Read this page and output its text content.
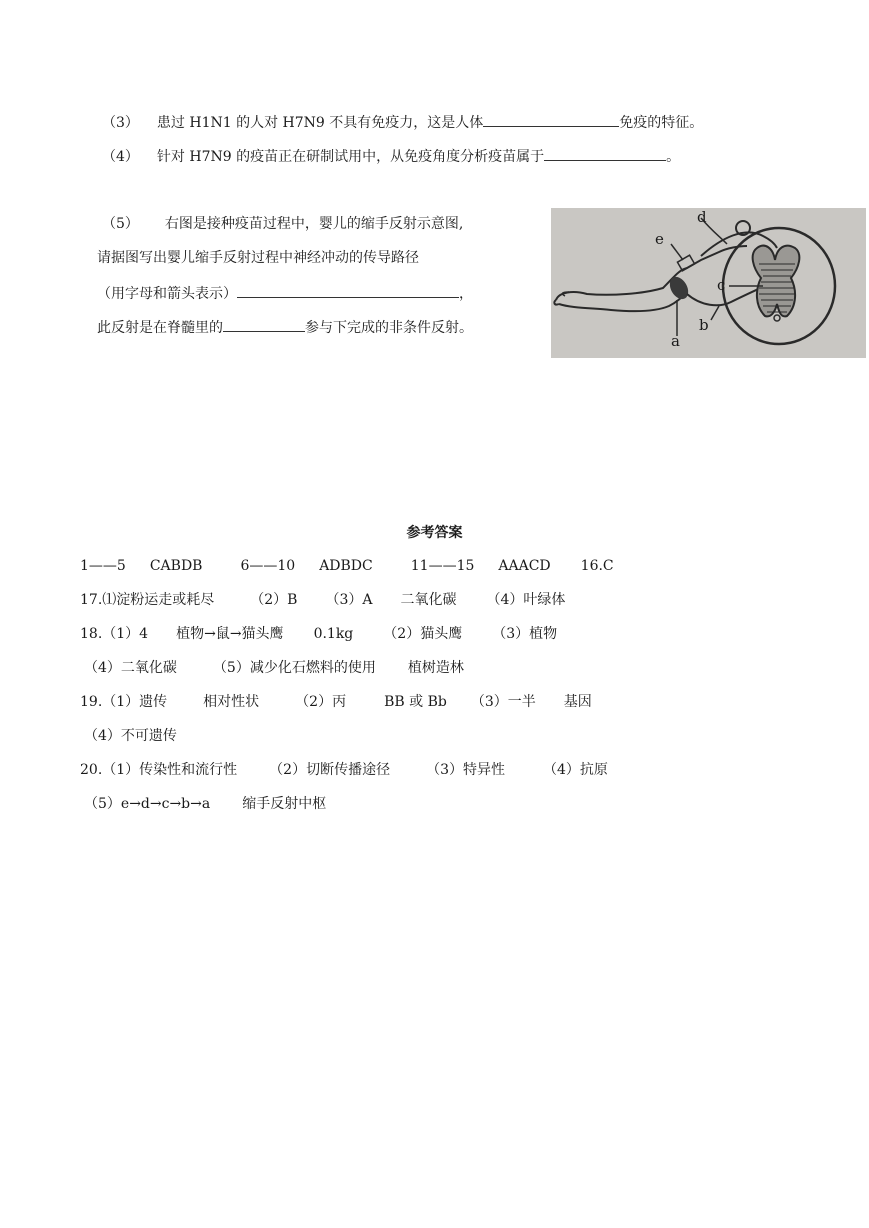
（3） 患过 H1N1 的人对 H7N9 不具有免疫力，这是人体	免疫的特征。
（4） 针对 H7N9 的疫苗正在研制试用中，从免疫角度分析疫苗属于	。
（5） 右图是接种疫苗过程中，婴儿的缩手反射示意图,
请据图写出婴儿缩手反射过程中神经冲动的传导路径
（用字母和箭头表示）	，
此反射是在脊髓里的	参与下完成的非条件反射。
d
e
c
b
a
参考答案
1——5 CABDB	6——10 ADBDC	11——15 AAACD 16.C
17.⑴淀粉运走或耗尽	（2）B （3）A 二氧化碳 （4）叶绿体
18.（1）4 植物→鼠→猫头鹰 0.1kg （2）猫头鹰 （3）植物
（4）二氧化碳	（5）减少化石燃料的使用 植树造林
19.（1）遗传	相对性状	（2）丙	BB 或 Bb （3）一半 基因
（4）不可遗传
20.（1）传染性和流行性 （2）切断传播途径	（3）特异性	（4）抗原
（5）e→d→c→b→a 缩手反射中枢
